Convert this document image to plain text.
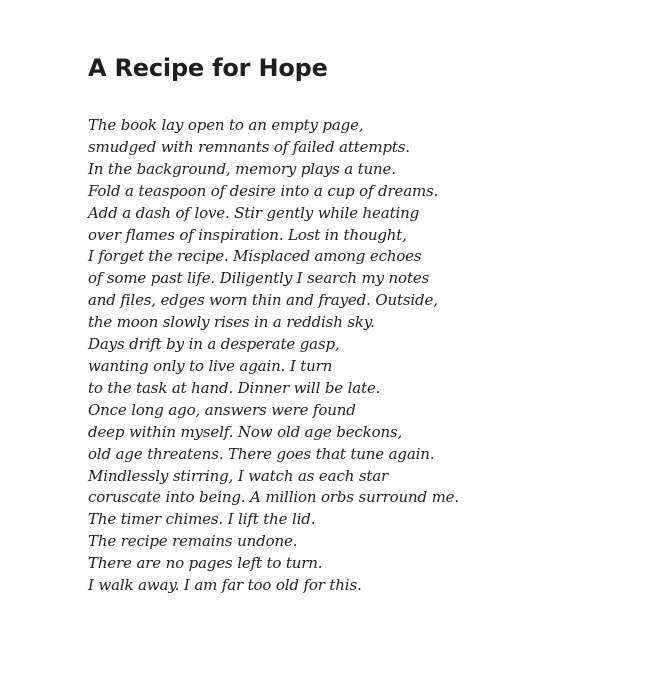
A Recipe for Hope
The book lay open to an empty page,
smudged with remnants of failed attempts.
In the background, memory plays a tune.
Fold a teaspoon of desire into a cup of dreams.
Add a dash of love. Stir gently while heating
over flames of inspiration. Lost in thought,
I forget the recipe. Misplaced among echoes
of some past life. Diligently I search my notes
and files, edges worn thin and frayed. Outside,
the moon slowly rises in a reddish sky.
Days drift by in a desperate gasp,
wanting only to live again. I turn
to the task at hand. Dinner will be late.
Once long ago, answers were found
deep within myself. Now old age beckons,
old age threatens. There goes that tune again.
Mindlessly stirring, I watch as each star
coruscate into being. A million orbs surround me.
The timer chimes. I lift the lid.
The recipe remains undone.
There are no pages left to turn.
I walk away. I am far too old for this.
